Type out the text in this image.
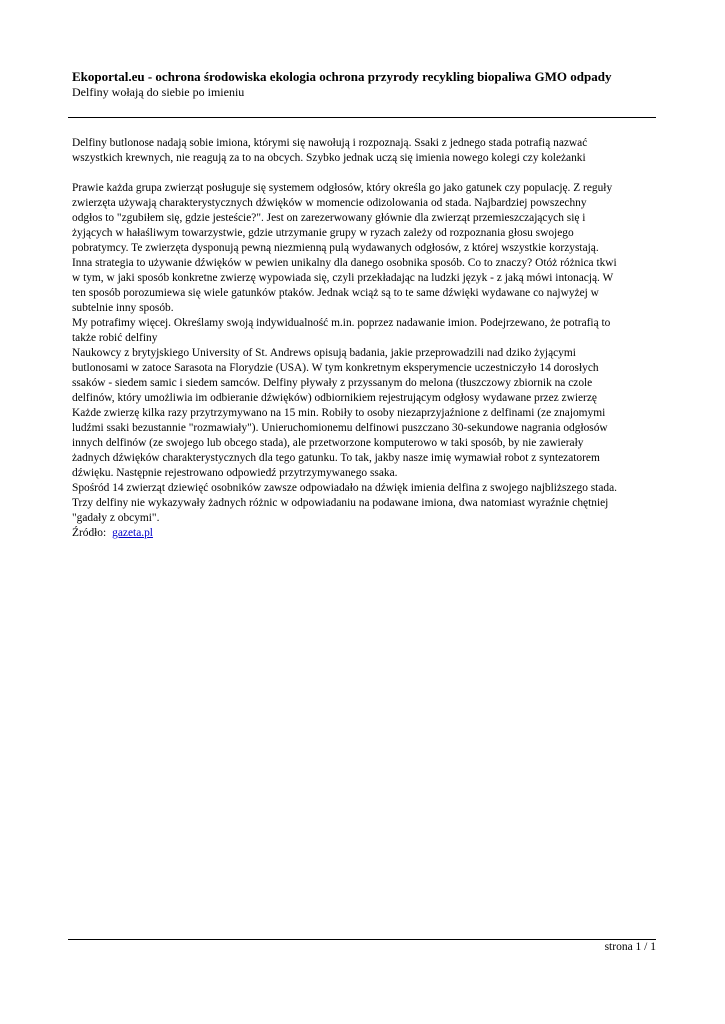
Ekoportal.eu - ochrona środowiska ekologia ochrona przyrody recykling biopaliwa GMO odpady
Delfiny wołają do siebie po imieniu

Delfiny butlonose nadają sobie imiona, którymi się nawołują i rozpoznają. Ssaki z jednego stada potrafią nazwać

wszystkich krewnych, nie reagują za to na obcych. Szybko jednak uczą się imienia nowego kolegi czy koleżanki

Prawie każda grupa zwierząt posługuje się systemem odgłosów, który określa go jako gatunek czy populację. Z reguły

zwierzęta używają charakterystycznych dźwięków w momencie odizolowania od stada. Najbardziej powszechny

odgłos to "zgubiłem się, gdzie jesteście?". Jest on zarezerwowany głównie dla zwierząt przemieszczających się i

żyjących w hałaśliwym towarzystwie, gdzie utrzymanie grupy w ryzach zależy od rozpoznania głosu swojego

pobratymcy. Te zwierzęta dysponują pewną niezmienną pulą wydawanych odgłosów, z której wszystkie korzystają.

Inna strategia to używanie dźwięków w pewien unikalny dla danego osobnika sposób. Co to znaczy? Otóż różnica tkwi

w tym, w jaki sposób konkretne zwierzę wypowiada się, czyli przekładając na ludzki język - z jaką mówi intonacją. W

ten sposób porozumiewa się wiele gatunków ptaków. Jednak wciąż są to te same dźwięki wydawane co najwyżej w

subtelnie inny sposób.

My potrafimy więcej. Określamy swoją indywidualność m.in. poprzez nadawanie imion. Podejrzewano, że potrafią to

także robić delfiny

Naukowcy z brytyjskiego University of St. Andrews opisują badania, jakie przeprowadzili nad dziko żyjącymi

butlonosami w zatoce Sarasota na Florydzie (USA). W tym konkretnym eksperymencie uczestniczyło 14 dorosłych

ssaków - siedem samic i siedem samców. Delfiny pływały z przyssanym do melona (tłuszczowy zbiornik na czole

delfinów, który umożliwia im odbieranie dźwięków) odbiornikiem rejestrującym odgłosy wydawane przez zwierzę

Każde zwierzę kilka razy przytrzymywano na 15 min. Robiły to osoby niezaprzyjaźnione z delfinami (ze znajomymi

ludźmi ssaki bezustannie "rozmawiały"). Unieruchomionemu delfinowi puszczano 30-sekundowe nagrania odgłosów

innych delfinów (ze swojego lub obcego stada), ale przetworzone komputerowo w taki sposób, by nie zawierały

żadnych dźwięków charakterystycznych dla tego gatunku. To tak, jakby nasze imię wymawiał robot z syntezatorem

dźwięku. Następnie rejestrowano odpowiedź przytrzymywanego ssaka.

Spośród 14 zwierząt dziewięć osobników zawsze odpowiadało na dźwięk imienia delfina z swojego najbliższego stada.

Trzy delfiny nie wykazywały żadnych różnic w odpowiadaniu na podawane imiona, dwa natomiast wyraźnie chętniej

"gadały z obcymi".

Źródło: gazeta.pl

strona 1 / 1
